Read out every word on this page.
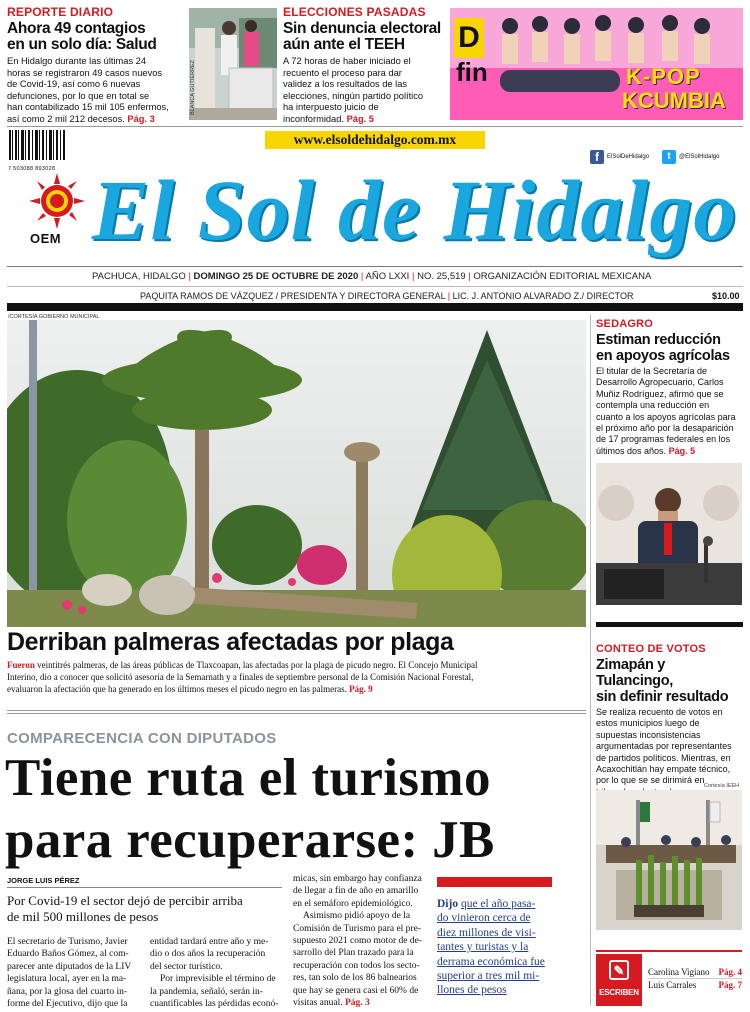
REPORTE DIARIO
Ahora 49 contagios
en un solo día: Salud
En Hidalgo durante las últimas 24
horas se registraron 49 casos nuevos
de Covid-19, así como 6 nuevas
defunciones, por lo que en total se
han contabilizado 15 mil 105 enfermos,
así como 2 mil 212 decesos. Pág. 3
BLANCA GUTIÉRREZ
ELECCIONES PASADAS
Sin denuncia electoral
aún ante el TEEH
A 72 horas de haber iniciado el
recuento el proceso para dar
validez a los resultados de las
elecciones, ningún partido político
ha interpuesto juicio de
inconformidad. Pág. 5
D
fin	K-POP
KCUMBIA
7 503088 893028
www.elsoldehidalgo.com.mx
f	ElSolDeHidalgo	t	@ElSolHidalgo
OEM El Sol de Hidalgo
PACHUCA, HIDALGO | DOMINGO 25 DE OCTUBRE DE 2020 | AÑO LXXI | NO. 25,519 | ORGANIZACIÓN EDITORIAL MEXICANA
PAQUITA RAMOS DE VÁZQUEZ / PRESIDENTA Y DIRECTORA GENERAL | LIC. J. ANTONIO ALVARADO Z./ DIRECTOR	$10.00
/CORTESÍA GOBIERNO MUNICIPAL
Derriban palmeras afectadas por plaga
Fueron veintitrés palmeras, de las áreas públicas de Tlaxcoapan, las afectadas por la plaga de picudo negro. El Concejo Municipal
Interino, dio a conocer que solicitó asesoría de la Semarnath y a finales de septiembre personal de la Comisión Nacional Forestal,
evaluaron la afectación que ha generado en los últimos meses el picudo negro en las palmeras. Pág. 9
COMPARECENCIA CON DIPUTADOS
Tiene ruta el turismo
para recuperarse: JB
JORGE LUIS PÉREZ
Por Covid-19 el sector dejó de percibir arriba
de mil 500 millones de pesos
El secretario de Turismo, Javier
Eduardo Baños Gómez, al com-
parecer ante diputados de la LIV
legislatura local, ayer en la ma-
ñana, por la glosa del cuarto in-
forme del Ejecutivo, dijo que la
entidad tardará entre año y me-
dio o dos años la recuperación
del sector turístico.
Por imprevisible el término de
la pandemia, señaló, serán in-
cuantificables las pérdidas econó-
micas, sin embargo hay confianza
de llegar a fin de año en amarillo
en el semáforo epidemiológico.
Asimismo pidió apoyo de la
Comisión de Turismo para el pre-
supuesto 2021 como motor de de-
sarrollo del Plan trazado para la
recuperación con todos los secto-
res, tan solo de los 86 balnearios
que hay se genera casi el 60% de
visitas anual. Pág. 3
Dijo que el año pasa-
do vinieron cerca de
diez millones de visi-
tantes y turistas y la
derrama económica fue
superior a tres mil mi-
llones de pesos
SEDAGRO
Estiman reducción
en apoyos agrícolas
El titular de la Secretaría de
Desarrollo Agropecuario, Carlos
Muñiz Rodríguez, afirmó que se
contempla una reducción en
cuanto a los apoyos agrícolas para
el próximo año por la desaparición
de 17 programas federales en los
últimos dos años. Pág. 5
CONTEO DE VOTOS
Zimapán y Tulancingo,
sin definir resultado
Se realiza recuento de votos en
estos municipios luego de
supuestas inconsistencias
argumentadas por representantes
de partidos políticos. Mientras, en
Acaxochitlán hay empate técnico,
por lo que se se dirimirá en
Cortesía IEEH
✎
ESCRIBEN
Carolina Vigiano Pág. 4
Luis Carrales Pág. 7
